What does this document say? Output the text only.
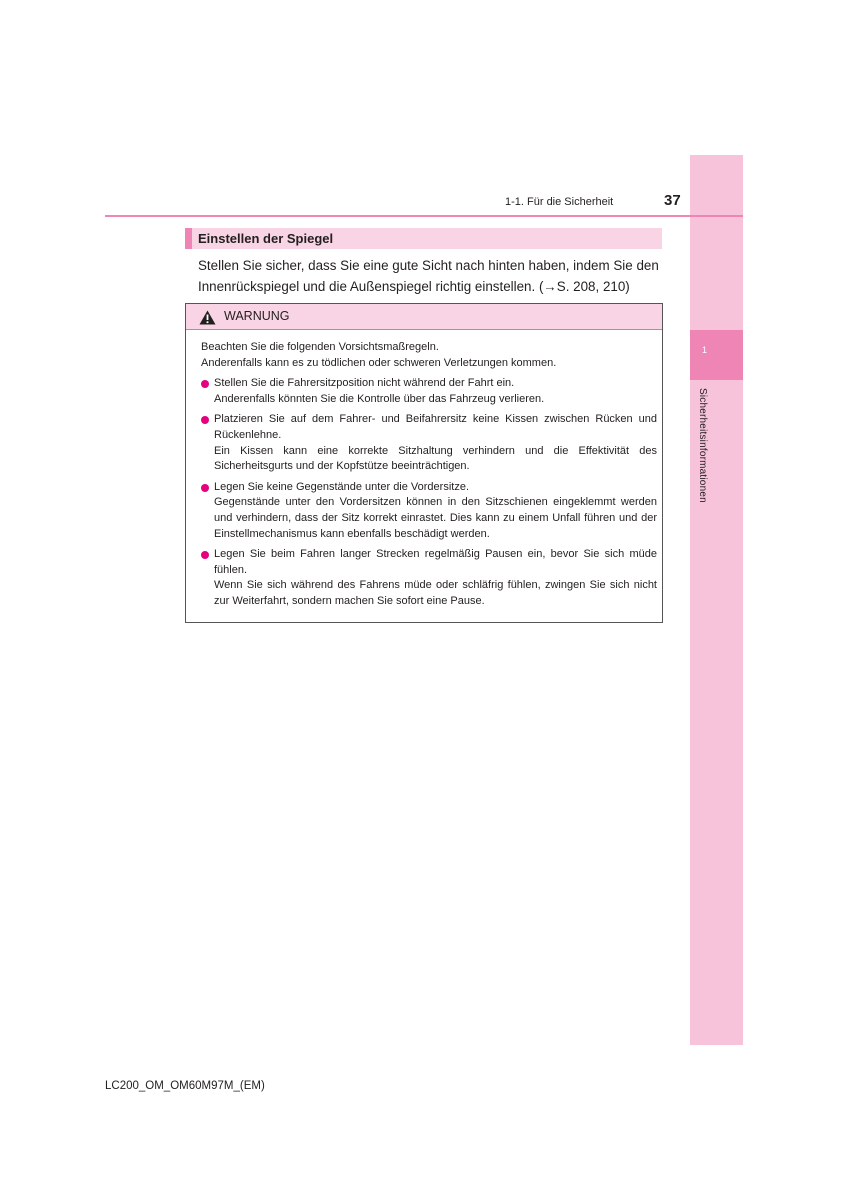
1
Sicherheitsinformationen
1-1. Für die Sicherheit	37
Einstellen der Spiegel
Stellen Sie sicher, dass Sie eine gute Sicht nach hinten haben, indem Sie den Innenrückspiegel und die Außenspiegel richtig einstellen. (→S. 208, 210)
WARNUNG

Beachten Sie die folgenden Vorsichtsmaßregeln.

Anderenfalls kann es zu tödlichen oder schweren Verletzungen kommen.

Stellen Sie die Fahrersitzposition nicht während der Fahrt ein.
Anderenfalls könnten Sie die Kontrolle über das Fahrzeug verlieren.
Platzieren Sie auf dem Fahrer- und Beifahrersitz keine Kissen zwischen Rücken und Rückenlehne.
Ein Kissen kann eine korrekte Sitzhaltung verhindern und die Effektivität des Sicherheitsgurts und der Kopfstütze beeinträchtigen.
Legen Sie keine Gegenstände unter die Vordersitze.
Gegenstände unter den Vordersitzen können in den Sitzschienen eingeklemmt werden und verhindern, dass der Sitz korrekt einrastet. Dies kann zu einem Unfall führen und der Einstellmechanismus kann ebenfalls beschädigt werden.
Legen Sie beim Fahren langer Strecken regelmäßig Pausen ein, bevor Sie sich müde fühlen.
Wenn Sie sich während des Fahrens müde oder schläfrig fühlen, zwingen Sie sich nicht zur Weiterfahrt, sondern machen Sie sofort eine Pause.
LC200_OM_OM60M97M_(EM)
